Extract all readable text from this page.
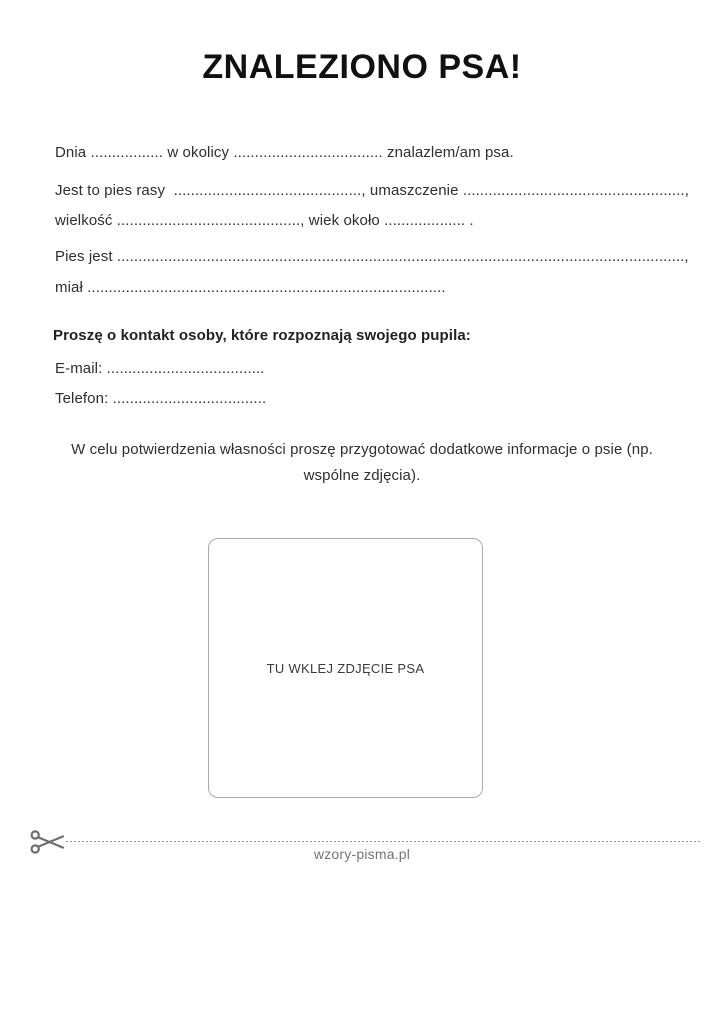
ZNALEZIONO PSA!
Dnia ................. w okolicy ................................... znalazlem/am psa.
Jest to pies rasy  ............................................, umaszczenie ....................................................,
wielkość ..........................................., wiek około ................... .
Pies jest .....................................................................................................................................,
miał ....................................................................................
Proszę o kontakt osoby, które rozpoznają swojego pupila:
E-mail: .....................................
Telefon: ....................................
W celu potwierdzenia własności proszę przygotować dodatkowe informacje o psie (np. wspólne zdjęcia).
TU WKLEJ ZDJĘCIE PSA
wzory-pisma.pl
